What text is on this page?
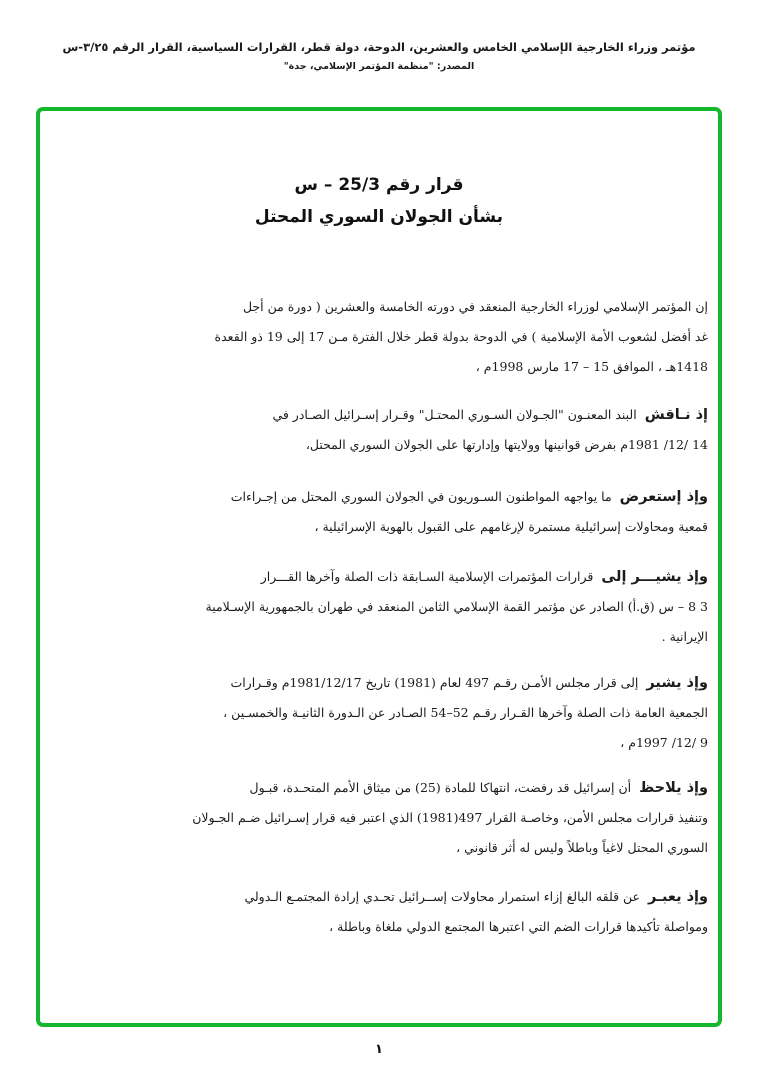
مؤتمر وزراء الخارجية الإسلامي الخامس والعشرين، الدوحة، دولة قطر، القرارات السياسية، القرار الرقم ٣/٢٥-س
المصدر: "منظمة المؤتمر الإسلامي، جدة"
قرار رقم 25/3 – س
بشأن الجولان السوري المحتل
إن المؤتمر الإسلامي لوزراء الخارجية المنعقد في دورته الخامسة والعشرين ( دورة من أجل
غد أفضل لشعوب الأمة الإسلامية ) في الدوحة بدولة قطر خلال الفترة مـن 17 إلى 19 ذو القعدة
1418هـ ، الموافق 15 – 17 مارس 1998م ،
إذ نـاقش البند المعنـون "الجـولان السـوري المحتـل" وقـرار إسـرائيل الصـادر في
14 /12/ 1981م بفرض قوانينها وولايتها وإدارتها على الجولان السوري المحتل،
وإذ إستعرض ما يواجهه المواطنون السـوريون في الجولان السوري المحتل من إجـراءات
قمعية ومحاولات إسرائيلية مستمرة لإرغامهم على القبول بالهوية الإسرائيلية ،
وإذ يشيـــر إلى قرارات المؤتمرات الإسلامية السـابقة ذات الصلة وآخرها القـــرار
3 8 – س (ق.أ) الصادر عن مؤتمر القمة الإسلامي الثامن المنعقد في طهران بالجمهورية الإسـلامية
الإيرانية .
وإذ يشير إلى قرار مجلس الأمـن رقـم 497 لعام (1981) تاريخ 1981/12/17م وقـرارات
الجمعية العامة ذات الصلة وآخرها القـرار رقـم 52–54 الصـادر عن الـدورة الثانيـة والخمسـين ،
9 /12/ 1997م ،
وإذ يلاحظ أن إسرائيل قد رفضت، انتهاكا للمادة (25) من ميثاق الأمم المتحـدة، قبـول
وتنفيذ قرارات مجلس الأمن، وخاصـة القرار 497(1981) الذي اعتبر فيه قرار إسـرائيل ضـم الجـولان
السوري المحتل لاغياً وباطلاً وليس له أثر قانوني ،
وإذ يعبـر عن قلقه البالغ إزاء استمرار محاولات إســرائيل تحـدي إرادة المجتمـع الـدولي
ومواصلة تأكيدها قرارات الضم التي اعتبرها المجتمع الدولي ملغاة وباطلة ،
١
